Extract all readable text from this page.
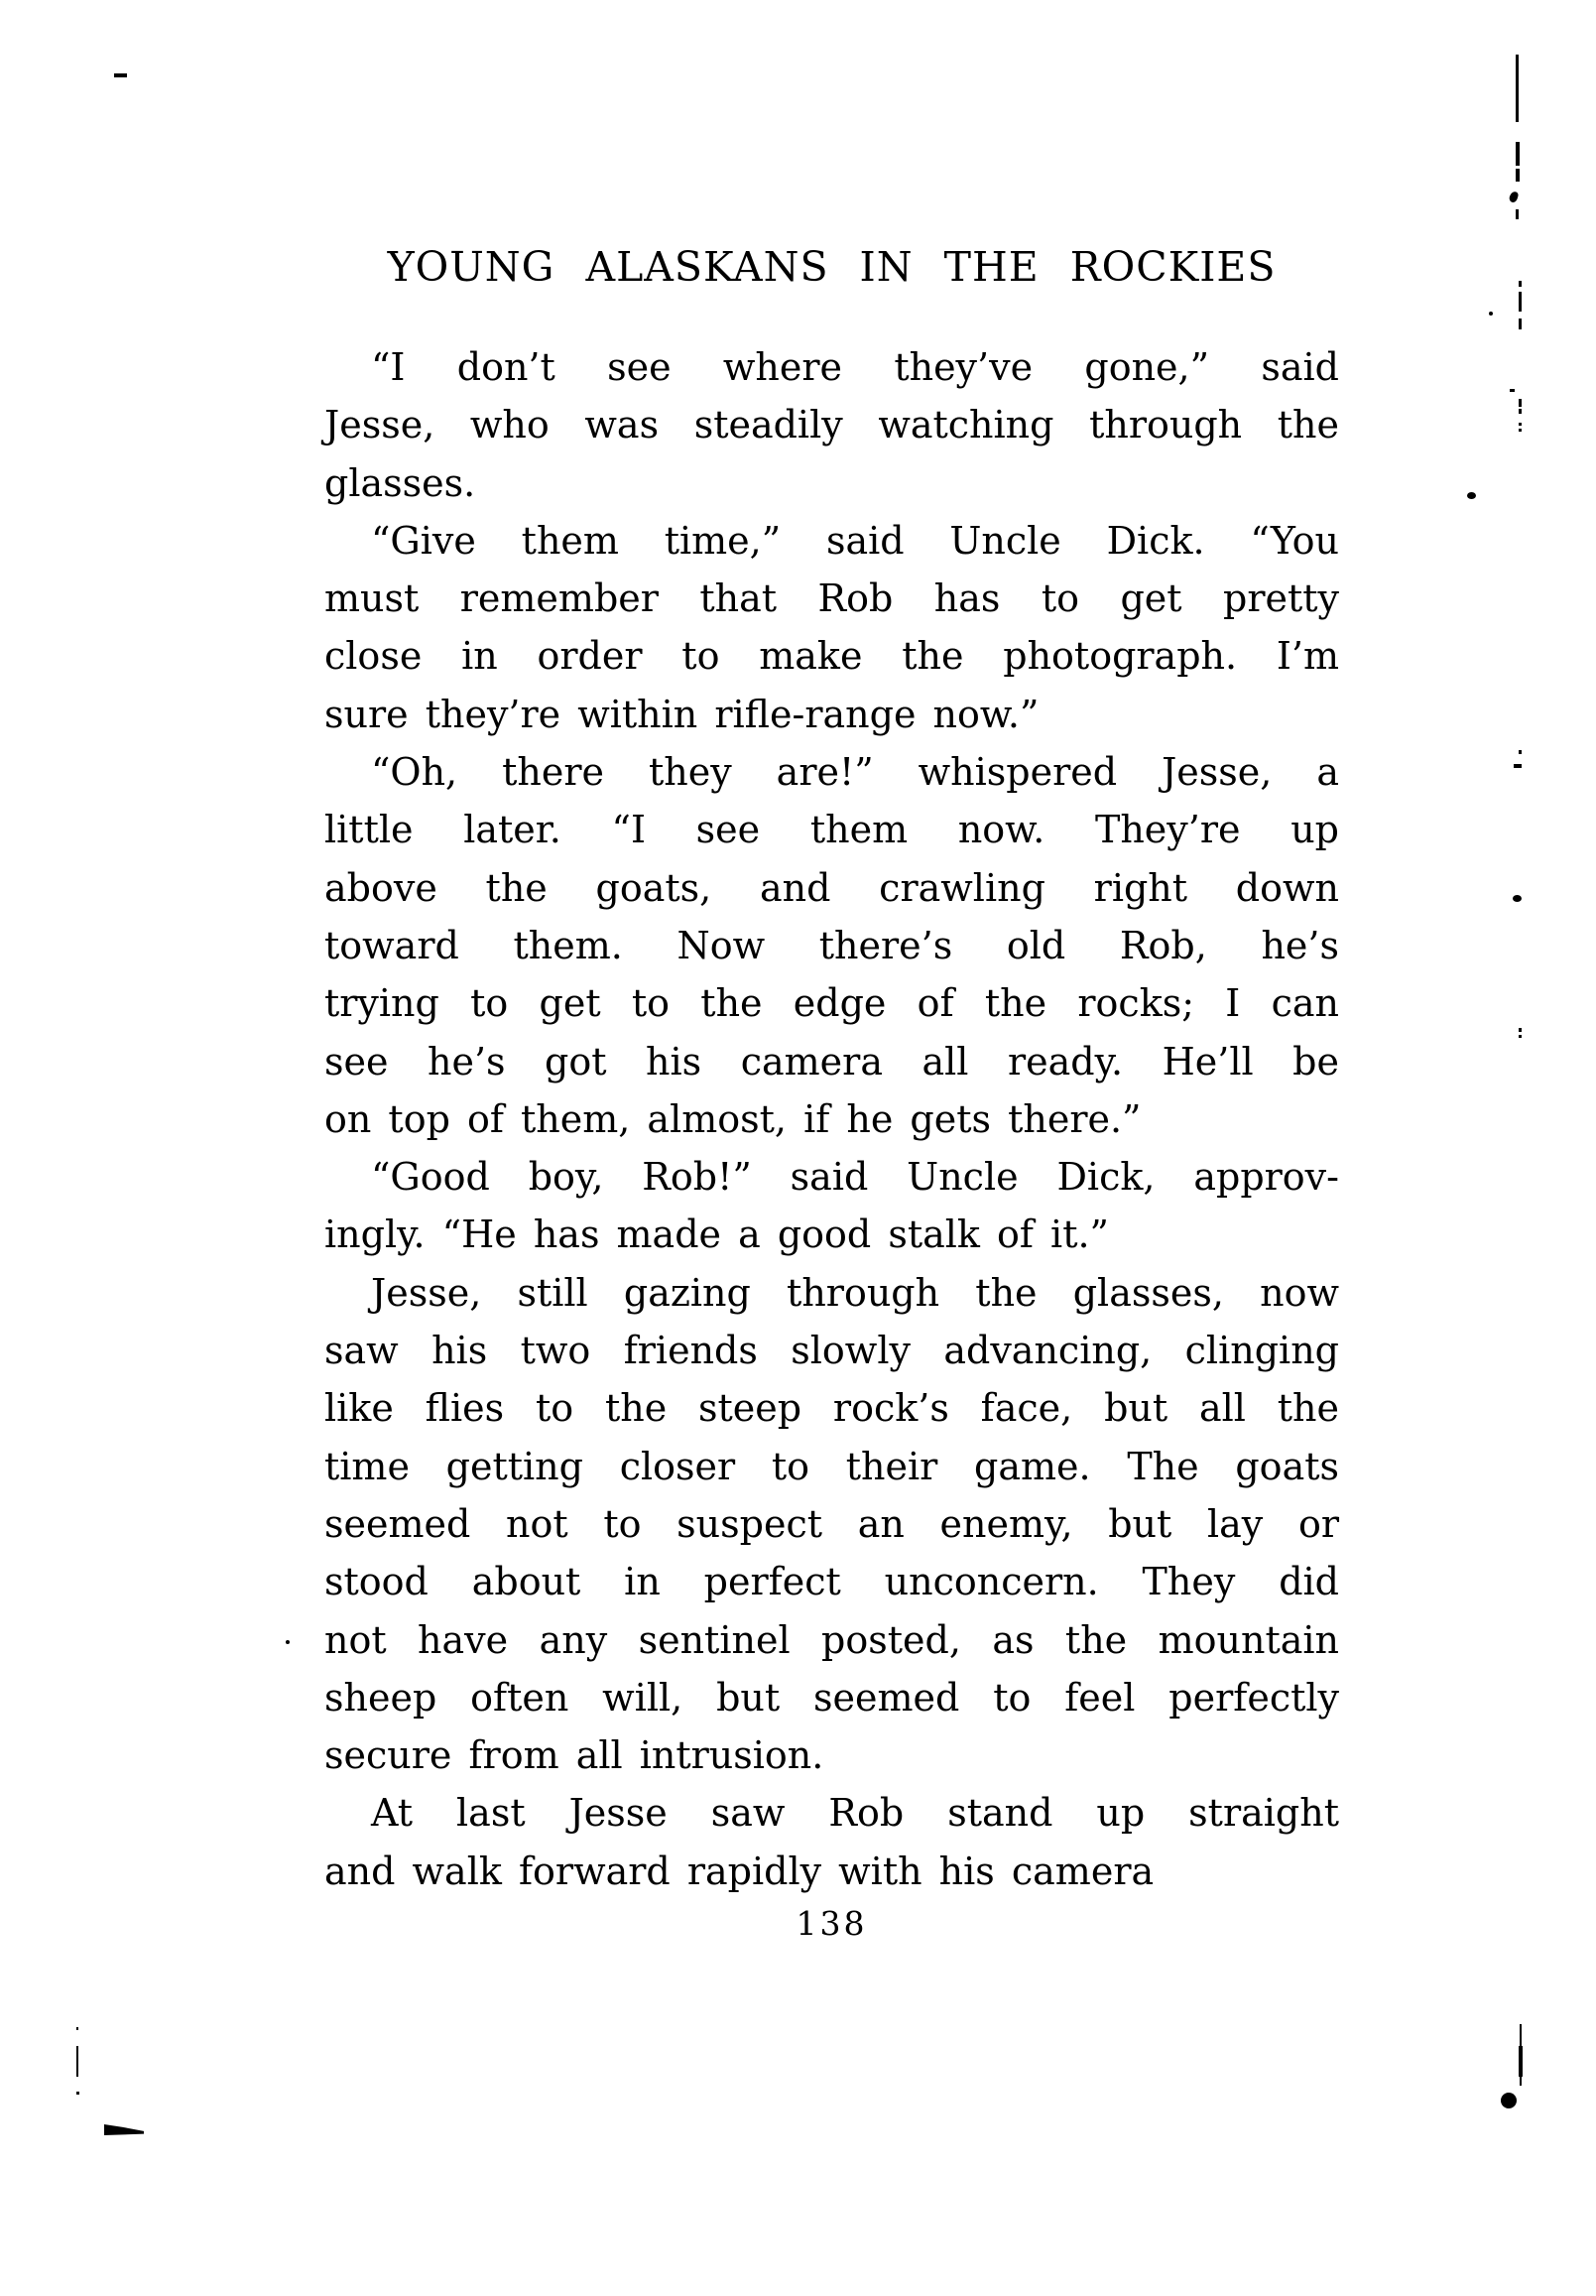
YOUNG ALASKANS IN THE ROCKIES
“I don’t see where they’ve gone,” said
Jesse, who was steadily watching through the
glasses.
“Give them time,” said Uncle Dick. “You
must remember that Rob has to get pretty
close in order to make the photograph. I’m
sure they’re within rifle-range now.”
“Oh, there they are!” whispered Jesse, a
little later. “I see them now. They’re up
above the goats, and crawling right down
toward them. Now there’s old Rob, he’s
trying to get to the edge of the rocks; I can
see he’s got his camera all ready. He’ll be
on top of them, almost, if he gets there.”
“Good boy, Rob!” said Uncle Dick, approv-
ingly. “He has made a good stalk of it.”
Jesse, still gazing through the glasses, now
saw his two friends slowly advancing, clinging
like flies to the steep rock’s face, but all the
time getting closer to their game. The goats
seemed not to suspect an enemy, but lay or
stood about in perfect unconcern. They did
not have any sentinel posted, as the mountain
sheep often will, but seemed to feel perfectly
secure from all intrusion.
At last Jesse saw Rob stand up straight
and walk forward rapidly with his camera
138
